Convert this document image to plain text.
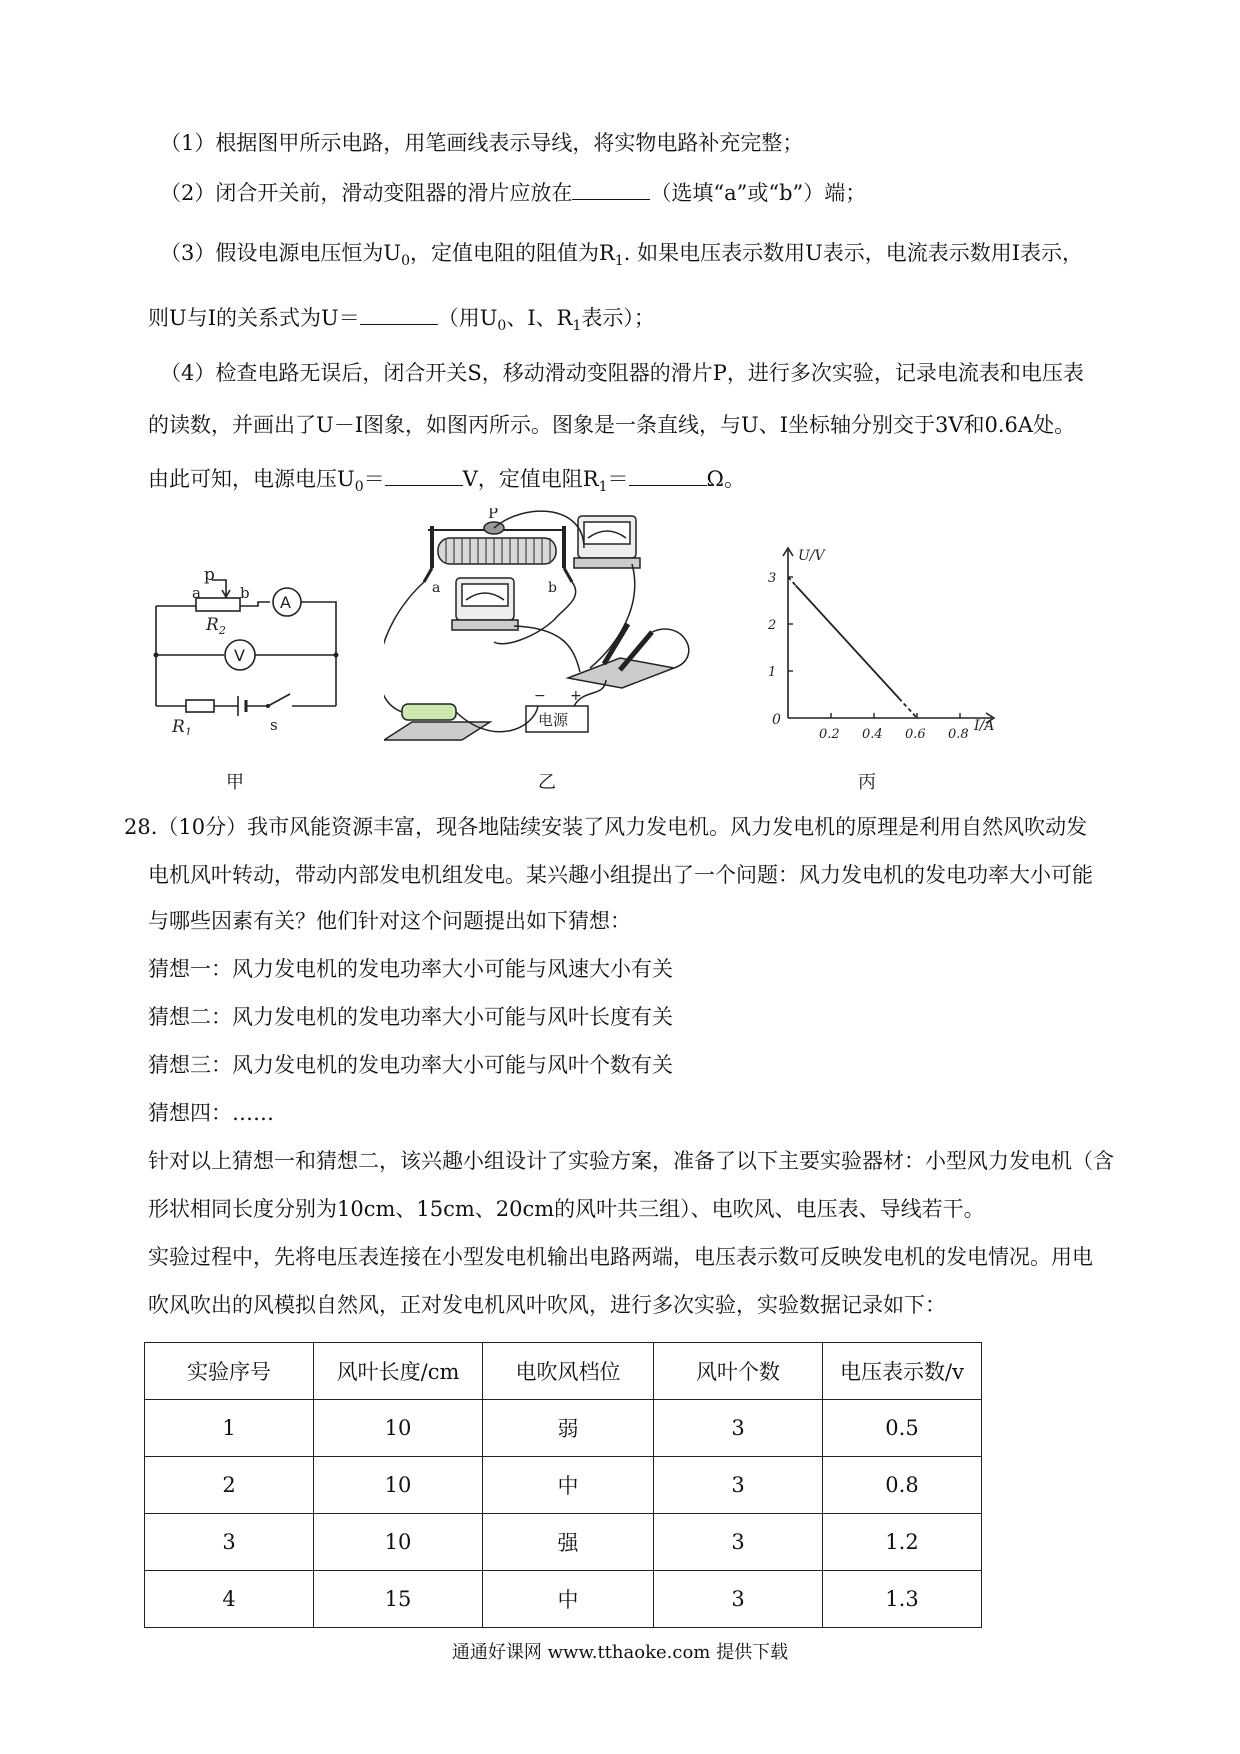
（1）根据图甲所示电路，用笔画线表示导线，将实物电路补充完整；
（2）闭合开关前，滑动变阻器的滑片应放在	（选填“a”或“b”）端；
（3）假设电源电压恒为$U_0$，定值电阻的阻值为$R_1$. 如果电压表示数用U表示，电流表示数用I表示，
则U与I的关系式为U＝	（用$U_0$、I、$R_1$表示）；
（4）检查电路无误后，闭合开关S，移动滑动变阻器的滑片P，进行多次实验，记录电流表和电压表
的读数，并画出了U－I图象，如图丙所示。图象是一条直线，与U、I坐标轴分别交于3V和0.6A处。
由此可知，电源电压$U_0=$	V，定值电阻$R_1=$	Ω。
p
a	b
$R_2$
A
V
$R_1$	s
甲
P
a	b
− +
电源
乙
0.2 0.4 0.6 0.8
1
2
3
U/V
I/A
0
丙
28.（10分）我市风能资源丰富，现各地陆续安装了风力发电机。风力发电机的原理是利用自然风吹动发
电机风叶转动，带动内部发电机组发电。某兴趣小组提出了一个问题：风力发电机的发电功率大小可能
与哪些因素有关？他们针对这个问题提出如下猜想：
猜想一：风力发电机的发电功率大小可能与风速大小有关
猜想二：风力发电机的发电功率大小可能与风叶长度有关
猜想三：风力发电机的发电功率大小可能与风叶个数有关
猜想四：……
针对以上猜想一和猜想二，该兴趣小组设计了实验方案，准备了以下主要实验器材：小型风力发电机（含
形状相同长度分别为10cm、15cm、20cm的风叶共三组）、电吹风、电压表、导线若干。
实验过程中，先将电压表连接在小型发电机输出电路两端，电压表示数可反映发电机的发电情况。用电
吹风吹出的风模拟自然风，正对发电机风叶吹风，进行多次实验，实验数据记录如下：
实验序号	风叶长度/cm	电吹风档位	风叶个数	电压表示数/v
1	10	弱	3	0.5
2	10	中	3	0.8
3	10	强	3	1.2
4	15	中	3	1.3
通通好课网 www.tthaoke.com 提供下载
